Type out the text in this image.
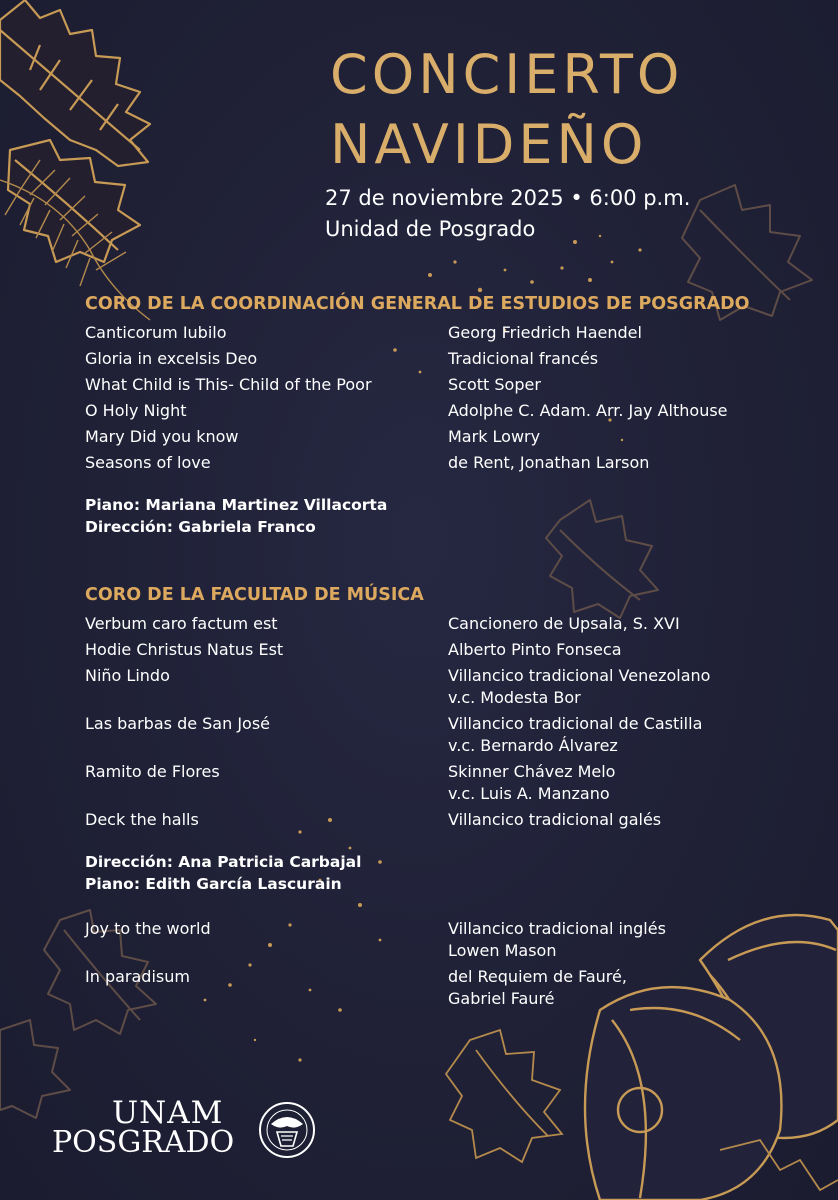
CONCIERTO
NAVIDEÑO
27 de noviembre 2025 • 6:00 p.m.
Unidad de Posgrado
CORO DE LA COORDINACIÓN GENERAL DE ESTUDIOS DE POSGRADO
Canticorum Iubilo	Georg Friedrich Haendel
Gloria in excelsis Deo	Tradicional francés
What Child is This- Child of the Poor	Scott Soper
O Holy Night	Adolphe C. Adam. Arr. Jay Althouse
Mary Did you know	Mark Lowry
Seasons of love	de Rent, Jonathan Larson
Piano: Mariana Martinez Villacorta
Dirección: Gabriela Franco
CORO DE LA FACULTAD DE MÚSICA
Verbum caro factum est	Cancionero de Upsala, S. XVI
Hodie Christus Natus Est	Alberto Pinto Fonseca
Niño Lindo	Villancico tradicional Venezolano
v.c. Modesta Bor
Las barbas de San José	Villancico tradicional de Castilla
v.c. Bernardo Álvarez
Ramito de Flores	Skinner Chávez Melo
v.c. Luis A. Manzano
Deck the halls	Villancico tradicional galés
Dirección: Ana Patricia Carbajal
Piano: Edith García Lascurain
Joy to the world	Villancico tradicional inglés
Lowen Mason
In paradisum	del Requiem de Fauré,
Gabriel Fauré
UNAM
POSGRADO
